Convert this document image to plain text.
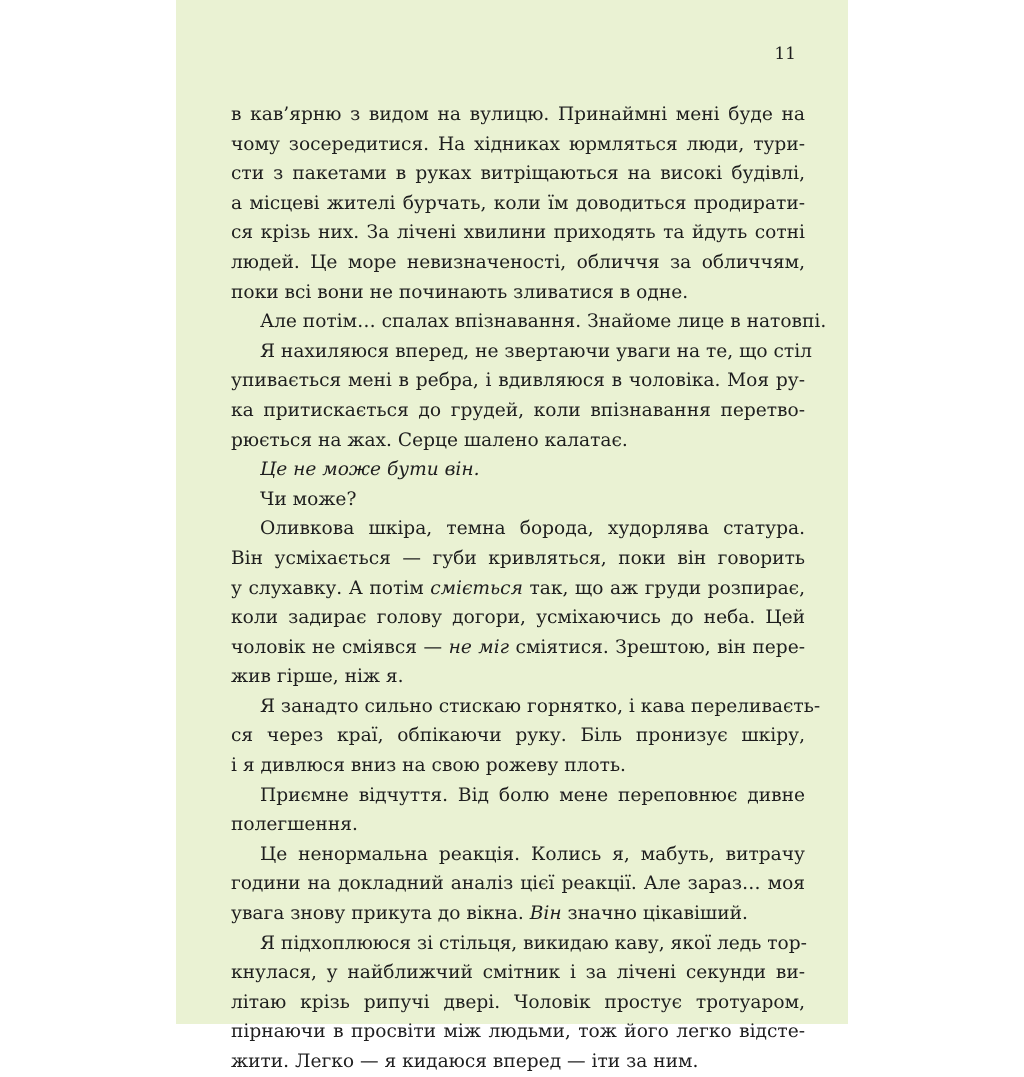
11
в кав’ярню з видом на вулицю. Принаймні мені буде на
чому зосередитися. На хідниках юрмляться люди, тури-
сти з пакетами в руках витріщаються на високі будівлі,
а місцеві жителі бурчать, коли їм доводиться продирати-
ся крізь них. За лічені хвилини приходять та йдуть сотні
людей. Це море невизначеності, обличчя за обличчям,
поки всі вони не починають зливатися в одне.
Але потім… спалах впізнавання. Знайоме лице в натовпі.
Я нахиляюся вперед, не звертаючи уваги на те, що стіл
упивається мені в ребра, і вдивляюся в чоловіка. Моя ру-
ка притискається до грудей, коли впізнавання перетво-
рюється на жах. Серце шалено калатає.
Це не може бути він.
Чи може?
Оливкова шкіра, темна борода, худорлява статура.
Він усміхається — губи кривляться, поки він говорить
у слухавку. А потім сміється так, що аж груди розпирає,
коли задирає голову догори, усміхаючись до неба. Цей
чоловік не сміявся — не міг сміятися. Зрештою, він пере-
жив гірше, ніж я.
Я занадто сильно стискаю горнятко, і кава переливаєть-
ся через краї, обпікаючи руку. Біль пронизує шкіру,
і я дивлюся вниз на свою рожеву плоть.
Приємне відчуття. Від болю мене переповнює дивне
полегшення.
Це ненормальна реакція. Колись я, мабуть, витрачу
години на докладний аналіз цієї реакції. Але зараз… моя
увага знову прикута до вікна. Він значно цікавіший.
Я підхоплююся зі стільця, викидаю каву, якої ледь тор-
кнулася, у найближчий смітник і за лічені секунди ви-
літаю крізь рипучі двері. Чоловік простує тротуаром,
пірнаючи в просвіти між людьми, тож його легко відсте-
жити. Легко — я кидаюся вперед — іти за ним.
